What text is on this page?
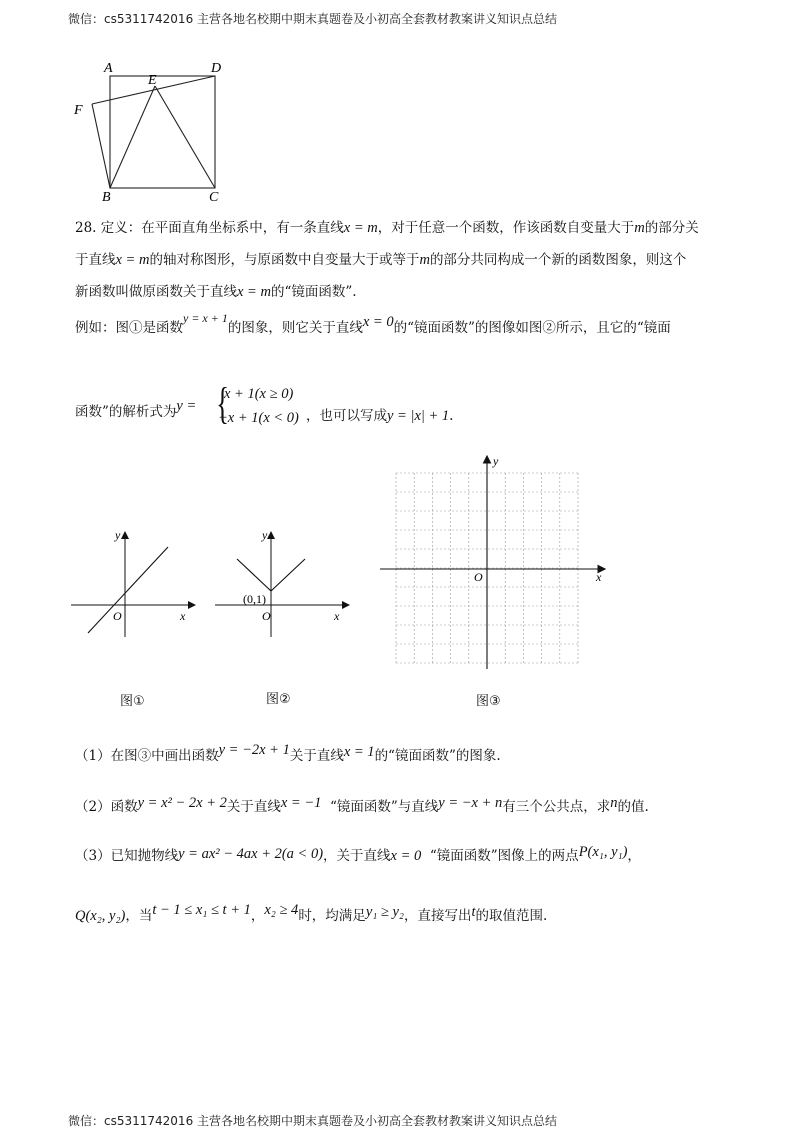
微信：cs5311742016 主营各地名校期中期末真题卷及小初高全套教材教案讲义知识点总结
A	D
E
F
B	C
28. 定义：在平面直角坐标系中，有一条直线x = m，对于任意一个函数，作该函数自变量大于m的部分关
于直线x = m的轴对称图形，与原函数中自变量大于或等于m的部分共同构成一个新的函数图象，则这个
新函数叫做原函数关于直线x = m的“镜面函数”.
例如：图①是函数y = x + 1的图象，则它关于直线x = 0的“镜面函数”的图像如图②所示，且它的“镜面
函数”的解析式为y = {
x + 1(x ≥ 0)
−x + 1(x < 0) ，也可以写成y = |x| + 1.
y
x
O
y
x
O
(0,1)
y
x
O
图①	图②	图③
（1）在图③中画出函数y = −2x + 1关于直线x = 1的“镜面函数”的图象.
（2）函数y = x² − 2x + 2关于直线x = −1 “镜面函数”与直线y = −x + n有三个公共点，求n的值.
（3）已知抛物线y = ax² − 4ax + 2(a < 0)，关于直线x = 0 “镜面函数”图像上的两点P(x₁, y₁)，
Q(x₂, y₂)，当t − 1 ≤ x₁ ≤ t + 1，x₂ ≥ 4时，均满足y₁ ≥ y₂，直接写出t的取值范围.
微信：cs5311742016 主营各地名校期中期末真题卷及小初高全套教材教案讲义知识点总结
